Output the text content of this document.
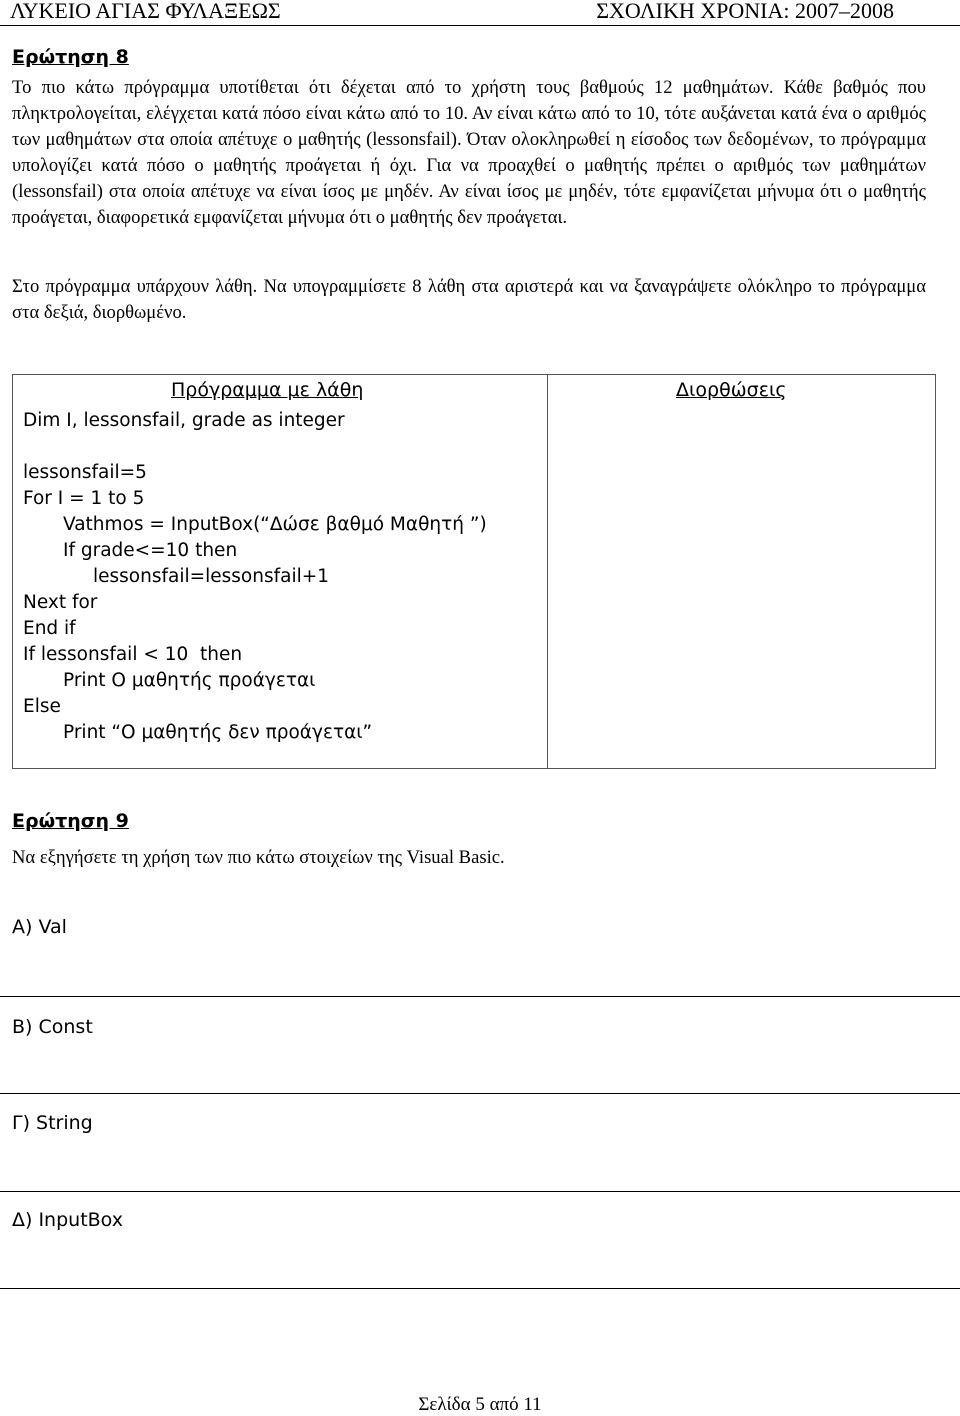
ΛΥΚΕΙΟ ΑΓΙΑΣ ΦΥΛΑΞΕΩΣ	ΣΧΟΛΙΚΗ ΧΡΟΝΙΑ: 2007–2008
Ερώτηση 8
Το πιο κάτω πρόγραμμα υποτίθεται ότι δέχεται από το χρήστη τους βαθμούς 12 μαθημάτων. Κάθε βαθμός που πληκτρολογείται, ελέγχεται κατά πόσο είναι κάτω από το 10. Αν είναι κάτω από το 10, τότε αυξάνεται κατά ένα ο αριθμός των μαθημάτων στα οποία απέτυχε ο μαθητής (lessonsfail). Όταν ολοκληρωθεί η είσοδος των δεδομένων, το πρόγραμμα υπολογίζει κατά πόσο ο μαθητής προάγεται ή όχι. Για να προαχθεί ο μαθητής πρέπει ο αριθμός των μαθημάτων (lessonsfail) στα οποία απέτυχε να είναι ίσος με μηδέν. Αν είναι ίσος με μηδέν, τότε εμφανίζεται μήνυμα ότι ο μαθητής προάγεται, διαφορετικά εμφανίζεται μήνυμα ότι ο μαθητής δεν προάγεται.
Στο πρόγραμμα υπάρχουν λάθη. Να υπογραμμίσετε 8 λάθη στα αριστερά και να ξαναγράψετε ολόκληρο το πρόγραμμα στα δεξιά, διορθωμένο.
Πρόγραμμα με λάθη	Διορθώσεις
Dim I, lessonsfail, grade as integer
lessonsfail=5
For I = 1 to 5
Vathmos = InputBox(“Δώσε βαθμό Μαθητή ”)
If grade<=10 then
lessonsfail=lessonsfail+1
Next for
End if
If lessonsfail < 10  then
Print Ο μαθητής προάγεται
Else
Print “Ο μαθητής δεν προάγεται”
Ερώτηση 9
Να εξηγήσετε τη χρήση των πιο κάτω στοιχείων της Visual Basic.
Α) Val
Β) Const
Γ) String
Δ) InputBox
Σελίδα 5 από 11
